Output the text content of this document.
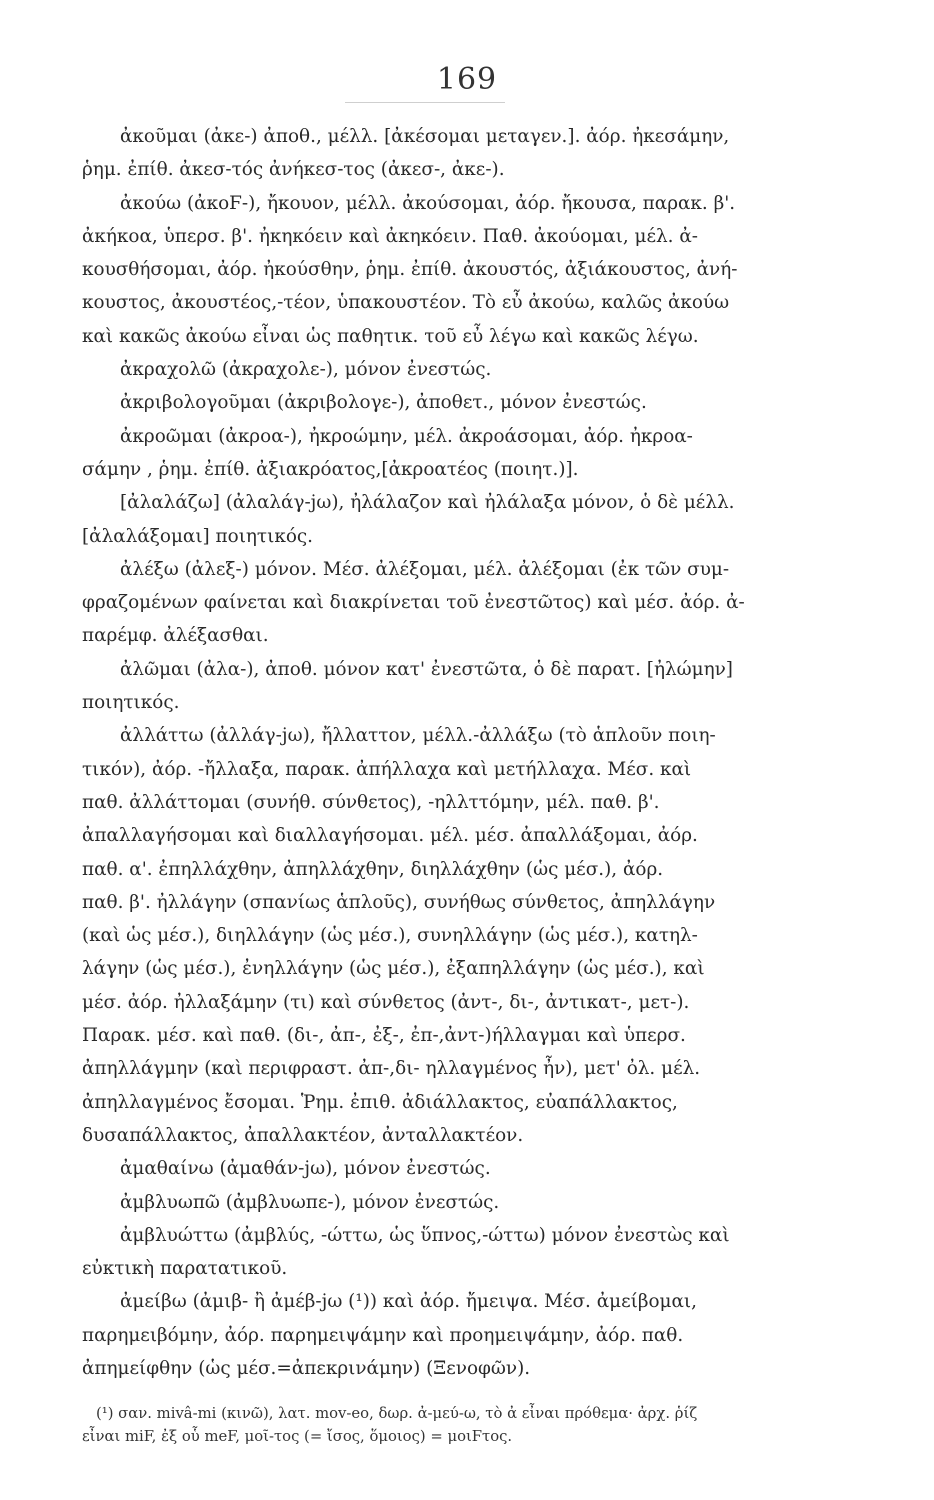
169
ἀκοῦμαι (ἀκε-) ἀποθ., μέλλ. [ἀκέσομαι μεταγεν.]. ἀόρ. ἠκεσάμην,
ῥημ. ἐπίθ. ἀκεσ-τός ἀνήκεσ-τος (ἀκεσ-, ἀκε-).
ἀκούω (ἀκοϜ-), ἤκουον, μέλλ. ἀκούσομαι, ἀόρ. ἤκουσα, παρακ. β'.
ἀκήκοα, ὑπερσ. β'. ἠκηκόειν καὶ ἀκηκόειν. Παθ. ἀκούομαι, μέλ. ἀ-
κουσθήσομαι, ἀόρ. ἠκούσθην, ῥημ. ἐπίθ. ἀκουστός, ἀξιάκουστος, ἀνή-
κουστος, ἀκουστέος,-τέον, ὑπακουστέον. Τὸ εὖ ἀκούω, καλῶς ἀκούω
καὶ κακῶς ἀκούω εἶναι ὡς παθητικ. τοῦ εὖ λέγω καὶ κακῶς λέγω.
ἀκραχολῶ (ἀκραχολε-), μόνον ἐνεστώς.
ἀκριβολογοῦμαι (ἀκριβολογε-), ἀποθετ., μόνον ἐνεστώς.
ἀκροῶμαι (ἀκροα-), ἠκροώμην, μέλ. ἀκροάσομαι, ἀόρ. ἠκροα-
σάμην , ῥημ. ἐπίθ. ἀξιακρόατος,[ἀκροατέος (ποιητ.)].
[ἀλαλάζω] (ἀλαλάγ-jω), ἠλάλαζον καὶ ἠλάλαξα μόνον, ὁ δὲ μέλλ.
[ἀλαλάξομαι] ποιητικός.
ἀλέξω (ἀλεξ-) μόνον. Μέσ. ἀλέξομαι, μέλ. ἀλέξομαι (ἐκ τῶν συμ-
φραζομένων φαίνεται καὶ διακρίνεται τοῦ ἐνεστῶτος) καὶ μέσ. ἀόρ. ἀ-
παρέμφ. ἀλέξασθαι.
ἀλῶμαι (ἀλα-), ἀποθ. μόνον κατ' ἐνεστῶτα, ὁ δὲ παρατ. [ἠλώμην]
ποιητικός.
ἀλλάττω (ἀλλάγ-jω), ἤλλαττον, μέλλ.-ἀλλάξω (τὸ ἁπλοῦν ποιη-
τικόν), ἀόρ. -ἤλλαξα, παρακ. ἀπήλλαχα καὶ μετήλλαχα. Μέσ. καὶ
παθ. ἀλλάττομαι (συνήθ. σύνθετος), -ηλλττόμην, μέλ. παθ. β'.
ἀπαλλαγήσομαι καὶ διαλλαγήσομαι. μέλ. μέσ. ἀπαλλάξομαι, ἀόρ.
παθ. α'. ἐπηλλάχθην, ἀπηλλάχθην, διηλλάχθην (ὡς μέσ.), ἀόρ.
παθ. β'. ἠλλάγην (σπανίως ἁπλοῦς), συνήθως σύνθετος, ἀπηλλάγην
(καὶ ὡς μέσ.), διηλλάγην (ὡς μέσ.), συνηλλάγην (ὡς μέσ.), κατηλ-
λάγην (ὡς μέσ.), ἐνηλλάγην (ὡς μέσ.), ἐξαπηλλάγην (ὡς μέσ.), καὶ
μέσ. ἀόρ. ἠλλαξάμην (τι) καὶ σύνθετος (ἀντ-, δι-, ἀντικατ-, μετ-).
Παρακ. μέσ. καὶ παθ. (δι-, ἀπ-, ἐξ-, ἐπ-,ἀντ-)ήλλαγμαι καὶ ὑπερσ.
ἀπηλλάγμην (καὶ περιφραστ. ἀπ-,δι- ηλλαγμένος ἦν), μετ' ὀλ. μέλ.
ἀπηλλαγμένος ἔσομαι. Ῥημ. ἐπιθ. ἀδιάλλακτος, εὐαπάλλακτος,
δυσαπάλλακτος, ἀπαλλακτέον, ἀνταλλακτέον.
ἀμαθαίνω (ἀμαθάν-jω), μόνον ἐνεστώς.
ἀμβλυωπῶ (ἀμβλυωπε-), μόνον ἐνεστώς.
ἀμβλυώττω (ἀμβλύς, -ώττω, ὡς ὕπνος,-ώττω) μόνον ἐνεστὼς καὶ
εὐκτικὴ παρατατικοῦ.
ἀμείβω (ἀμιβ- ἢ ἀμέβ-jω (¹)) καὶ ἀόρ. ἤμειψα. Μέσ. ἀμείβομαι,
παρημειβόμην, ἀόρ. παρημειψάμην καὶ προημειψάμην, ἀόρ. παθ.
ἀπημείφθην (ὡς μέσ.=ἀπεκρινάμην) (Ξενοφῶν).
(¹) σαν. mivâ-mi (κινῶ), λατ. mov-eo, δωρ. ἀ-μεύ-ω, τὸ ἀ εἶναι πρόθεμα· ἀρχ. ῥίζ
εἶναι miF, ἐξ οὗ meF, μοῖ-τος (= ἴσος, ὅμοιος) = μοιϜτος.
